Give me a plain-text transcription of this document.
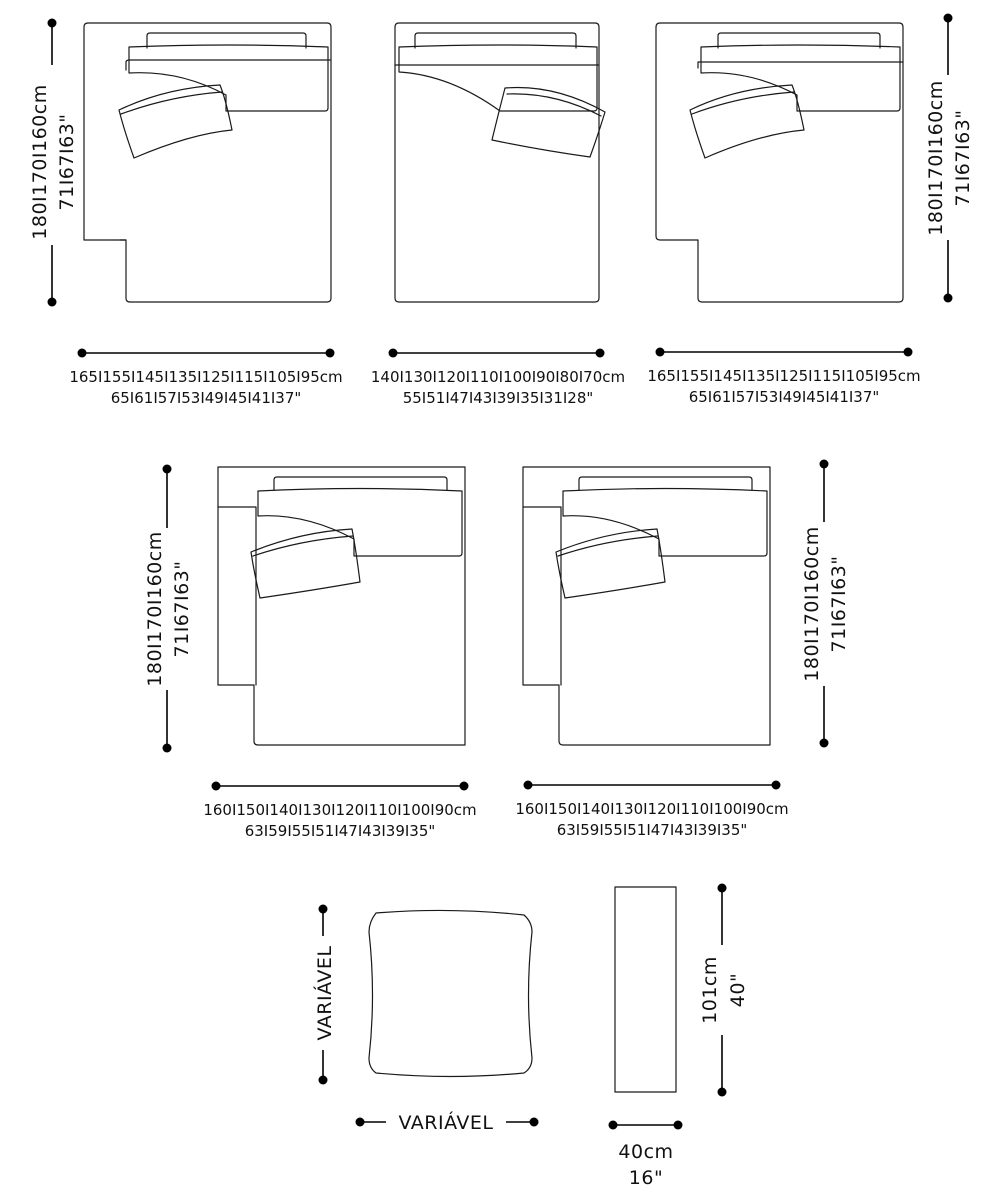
180I170I160cm 71I67I63"
165I155I145I135I125I115I105I95cm
65I61I57I53I49I45I41I37"
140I130I120I110I100I90I80I70cm
55I51I47I43I39I35I31I28"
165I155I145I135I125I115I105I95cm
65I61I57I53I49I45I41I37"
180I170I160cm 71I67I63"
180I170I160cm 71I67I63"
160I150I140I130I120I110I100I90cm
63I59I55I51I47I43I39I35"
160I150I140I130I120I110I100I90cm
63I59I55I51I47I43I39I35"
180I170I160cm 71I67I63"
VARIÁVEL
VARIÁVEL
101cm 40"
40cm
16"
